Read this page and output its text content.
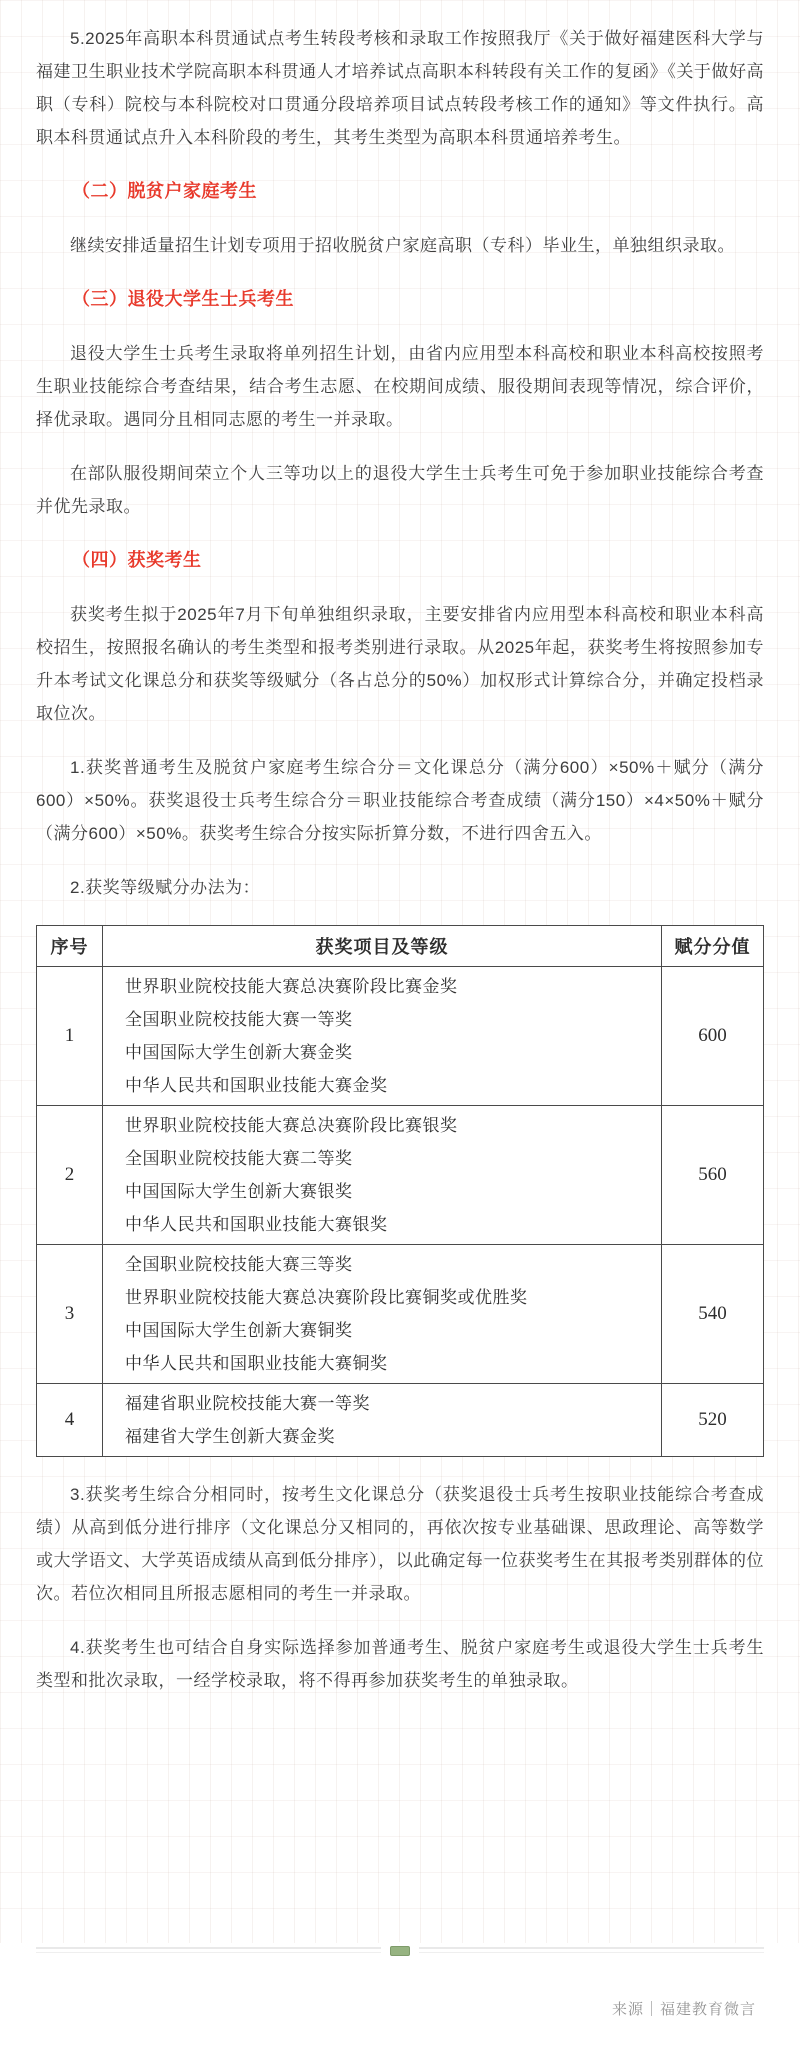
5.2025年高职本科贯通试点考生转段考核和录取工作按照我厅《关于做好福建医科大学与福建卫生职业技术学院高职本科贯通人才培养试点高职本科转段有关工作的复函》《关于做好高职（专科）院校与本科院校对口贯通分段培养项目试点转段考核工作的通知》等文件执行。高职本科贯通试点升入本科阶段的考生，其考生类型为高职本科贯通培养考生。

（二）脱贫户家庭考生

继续安排适量招生计划专项用于招收脱贫户家庭高职（专科）毕业生，单独组织录取。

（三）退役大学生士兵考生

退役大学生士兵考生录取将单列招生计划，由省内应用型本科高校和职业本科高校按照考生职业技能综合考查结果，结合考生志愿、在校期间成绩、服役期间表现等情况，综合评价，择优录取。遇同分且相同志愿的考生一并录取。

在部队服役期间荣立个人三等功以上的退役大学生士兵考生可免于参加职业技能综合考查并优先录取。

（四）获奖考生

获奖考生拟于2025年7月下旬单独组织录取，主要安排省内应用型本科高校和职业本科高校招生，按照报名确认的考生类型和报考类别进行录取。从2025年起，获奖考生将按照参加专升本考试文化课总分和获奖等级赋分（各占总分的50%）加权形式计算综合分，并确定投档录取位次。

1.获奖普通考生及脱贫户家庭考生综合分＝文化课总分（满分600）×50%＋赋分（满分600）×50%。获奖退役士兵考生综合分＝职业技能综合考查成绩（满分150）×4×50%＋赋分（满分600）×50%。获奖考生综合分按实际折算分数，不进行四舍五入。

2.获奖等级赋分办法为：

序号	获奖项目及等级	赋分分值
1	世界职业院校技能大赛总决赛阶段比赛金奖
全国职业院校技能大赛一等奖
中国国际大学生创新大赛金奖
中华人民共和国职业技能大赛金奖	600
2	世界职业院校技能大赛总决赛阶段比赛银奖
全国职业院校技能大赛二等奖
中国国际大学生创新大赛银奖
中华人民共和国职业技能大赛银奖	560
3	全国职业院校技能大赛三等奖
世界职业院校技能大赛总决赛阶段比赛铜奖或优胜奖
中国国际大学生创新大赛铜奖
中华人民共和国职业技能大赛铜奖	540
4	福建省职业院校技能大赛一等奖
福建省大学生创新大赛金奖	520

3.获奖考生综合分相同时，按考生文化课总分（获奖退役士兵考生按职业技能综合考查成绩）从高到低分进行排序（文化课总分又相同的，再依次按专业基础课、思政理论、高等数学或大学语文、大学英语成绩从高到低分排序），以此确定每一位获奖考生在其报考类别群体的位次。若位次相同且所报志愿相同的考生一并录取。

4.获奖考生也可结合自身实际选择参加普通考生、脱贫户家庭考生或退役大学生士兵考生类型和批次录取，一经学校录取，将不得再参加获奖考生的单独录取。

来源｜福建教育微言
